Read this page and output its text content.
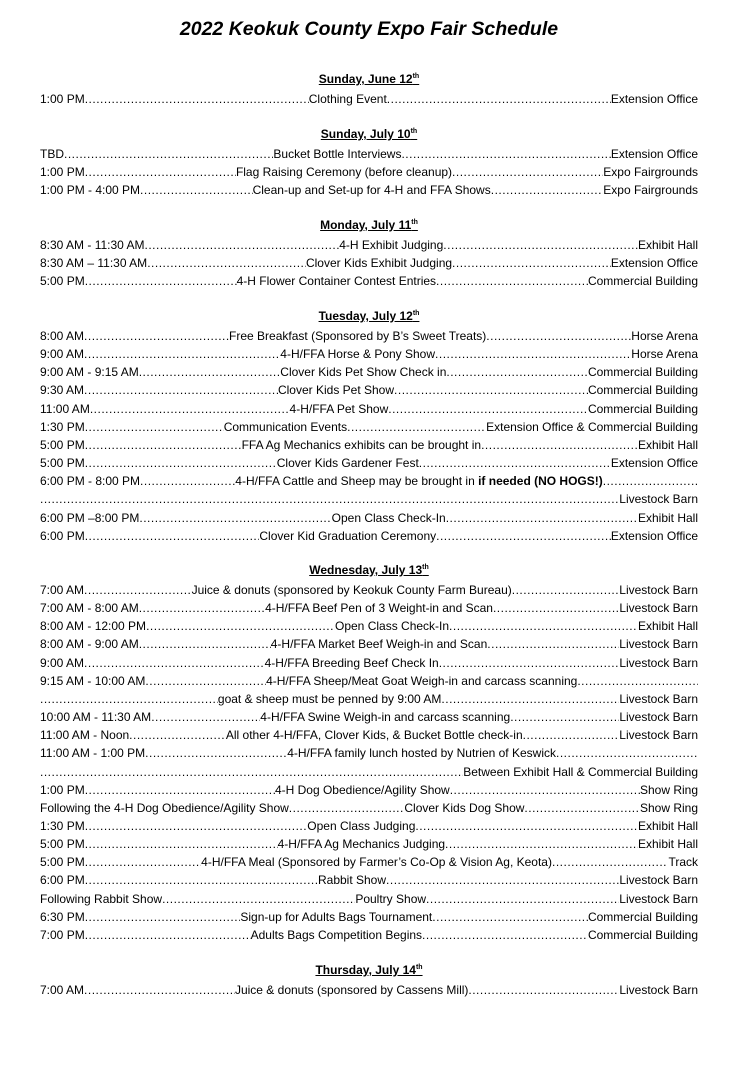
2022 Keokuk County Expo Fair Schedule
Sunday, June 12th
1:00 PM .....	Clothing Event .....	Extension Office
Sunday, July 10th
TBD .....	Bucket Bottle Interviews .....	Extension Office
1:00 PM .....	Flag Raising Ceremony (before cleanup) .....	Expo Fairgrounds
1:00 PM - 4:00 PM .....	Clean-up and Set-up for 4-H and FFA Shows .....	Expo Fairgrounds
Monday, July 11th
8:30 AM - 11:30 AM .....	4-H Exhibit Judging .....	Exhibit Hall
8:30 AM – 11:30 AM .....	Clover Kids Exhibit Judging .....	Extension Office
5:00 PM .....	4-H Flower Container Contest Entries .....	Commercial Building
Tuesday, July 12th
8:00 AM .....	Free Breakfast (Sponsored by B’s Sweet Treats) .....	Horse Arena
9:00 AM .....	4-H/FFA Horse & Pony Show .....	Horse Arena
9:00 AM - 9:15 AM .....	Clover Kids Pet Show Check in .....	Commercial Building
9:30 AM .....	Clover Kids Pet Show .....	Commercial Building
11:00 AM .....	4-H/FFA Pet Show .....	Commercial Building
1:30 PM .....	Communication Events .....	Extension Office & Commercial Building
5:00 PM .....	FFA Ag Mechanics exhibits can be brought in .....	Exhibit Hall
5:00 PM .....	Clover Kids Gardener Fest .....	Extension Office
6:00 PM - 8:00 PM .....	4-H/FFA Cattle and Sheep may be brought in if needed (NO HOGS!)
.....
.....
Livestock Barn
6:00 PM –8:00 PM .....	Open Class Check-In .....	Exhibit Hall
6:00 PM .....	Clover Kid Graduation Ceremony .....	Extension Office
Wednesday, July 13th
7:00 AM .....	Juice & donuts (sponsored by Keokuk County Farm Bureau) .....	Livestock Barn
7:00 AM - 8:00 AM .....	4-H/FFA Beef Pen of 3 Weight-in and Scan .....	Livestock Barn
8:00 AM - 12:00 PM .....	Open Class Check-In .....	Exhibit Hall
8:00 AM - 9:00 AM .....	4-H/FFA Market Beef Weigh-in and Scan .....	Livestock Barn
9:00 AM .....	4-H/FFA Breeding Beef Check In .....	Livestock Barn
9:15 AM - 10:00 AM .....	4-H/FFA Sheep/Meat Goat Weigh-in and carcass scanning
.....
.....
goat & sheep must be penned by 9:00 AM .....	Livestock Barn
10:00 AM - 11:30 AM .....	4-H/FFA Swine Weigh-in and carcass scanning .....	Livestock Barn
11:00 AM - Noon .....	All other 4-H/FFA, Clover Kids, & Bucket Bottle check-in .....	Livestock Barn
11:00 AM - 1:00 PM .....	4-H/FFA family lunch hosted by Nutrien of Keswick
.....
.....
Between Exhibit Hall & Commercial Building
1:00 PM .....	4-H Dog Obedience/Agility Show .....	Show Ring
Following the 4-H Dog Obedience/Agility Show .....	Clover Kids Dog Show .....	Show Ring
1:30 PM .....	Open Class Judging .....	Exhibit Hall
5:00 PM .....	4-H/FFA Ag Mechanics Judging .....	Exhibit Hall
5:00 PM .....	4-H/FFA Meal (Sponsored by Farmer’s Co-Op & Vision Ag, Keota) .....	Track
6:00 PM .....	Rabbit Show .....	Livestock Barn
Following Rabbit Show .....	Poultry Show .....	Livestock Barn
6:30 PM .....	Sign-up for Adults Bags Tournament .....	Commercial Building
7:00 PM .....	Adults Bags Competition Begins .....	Commercial Building
Thursday, July 14th
7:00 AM .....	Juice & donuts (sponsored by Cassens Mill) .....	Livestock Barn
